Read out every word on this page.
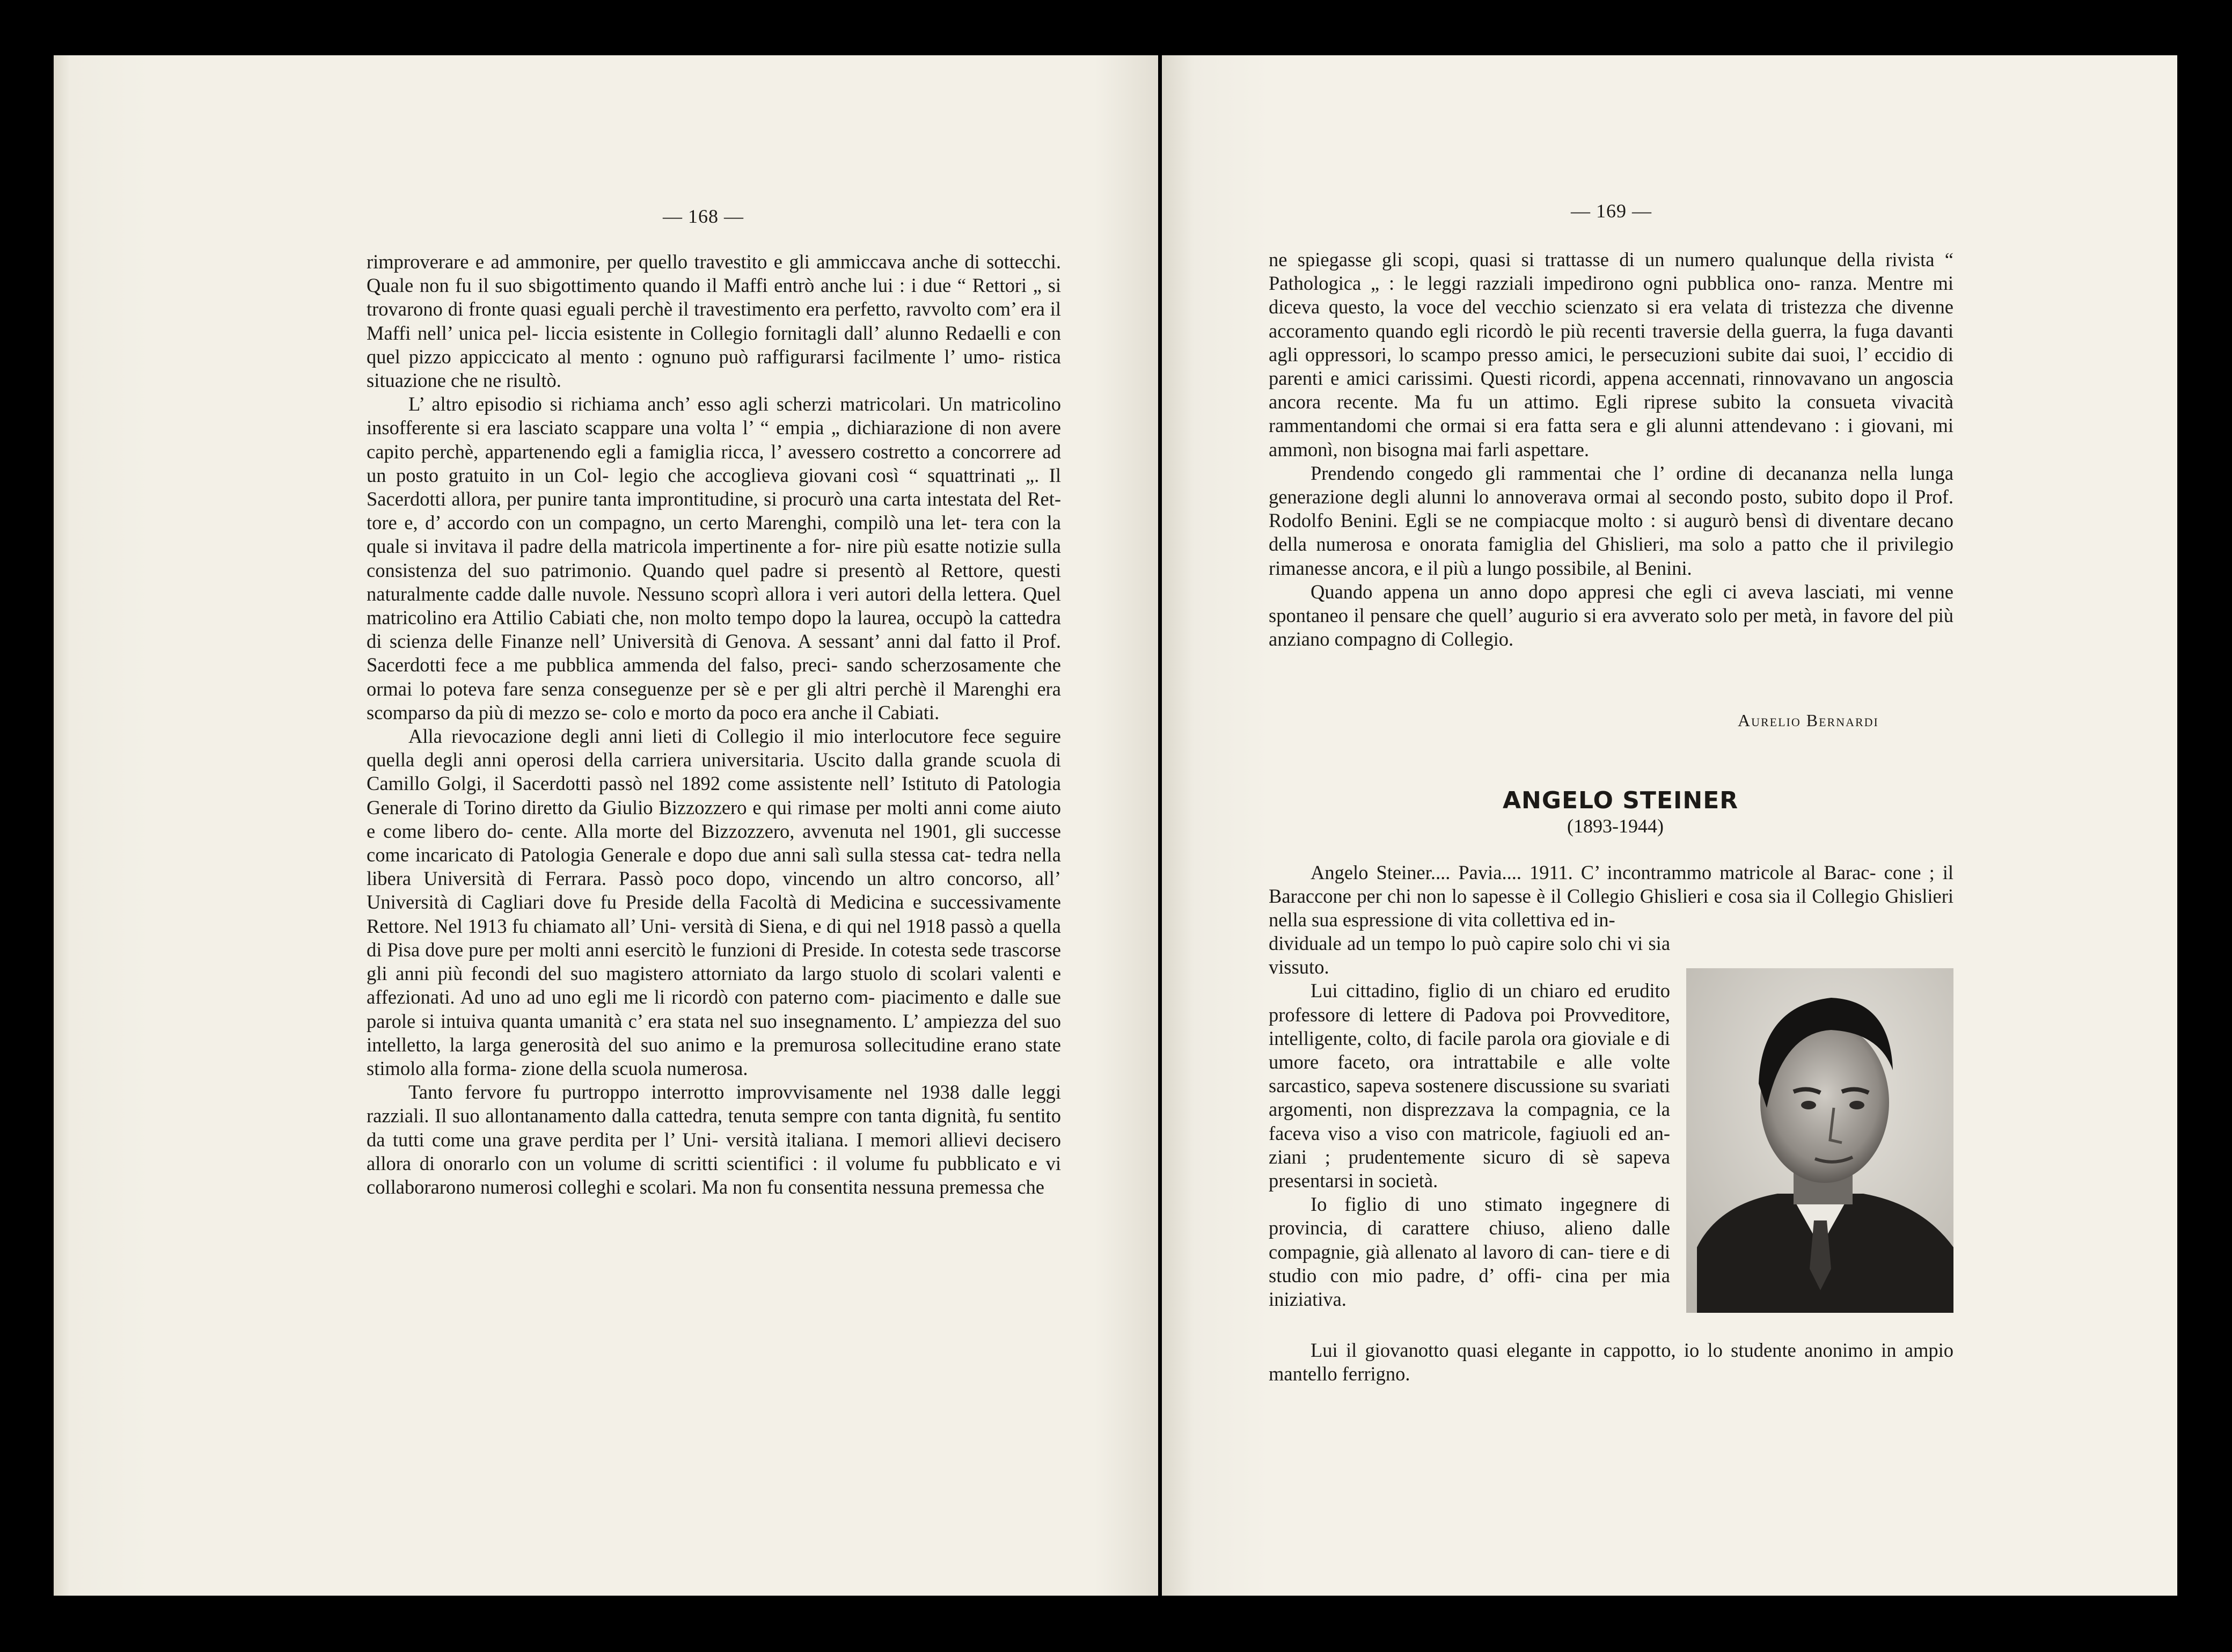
— 168 —

rimproverare e ad ammonire, per quello travestito e gli ammiccava anche di sottecchi. Quale non fu il suo sbigottimento quando il Maffi entrò anche lui : i due “ Rettori „ si trovarono di fronte quasi eguali perchè il travestimento era perfetto, ravvolto com’ era il Maffi nell’ unica pel- liccia esistente in Collegio fornitagli dall’ alunno Redaelli e con quel pizzo appiccicato al mento : ognuno può raffigurarsi facilmente l’ umo- ristica situazione che ne risultò.

L’ altro episodio si richiama anch’ esso agli scherzi matricolari. Un matricolino insofferente si era lasciato scappare una volta l’ “ empia „ dichiarazione di non avere capito perchè, appartenendo egli a famiglia ricca, l’ avessero costretto a concorrere ad un posto gratuito in un Col- legio che accoglieva giovani così “ squattrinati „. Il Sacerdotti allora, per punire tanta improntitudine, si procurò una carta intestata del Ret- tore e, d’ accordo con un compagno, un certo Marenghi, compilò una let- tera con la quale si invitava il padre della matricola impertinente a for- nire più esatte notizie sulla consistenza del suo patrimonio. Quando quel padre si presentò al Rettore, questi naturalmente cadde dalle nuvole. Nessuno scoprì allora i veri autori della lettera. Quel matricolino era Attilio Cabiati che, non molto tempo dopo la laurea, occupò la cattedra di scienza delle Finanze nell’ Università di Genova. A sessant’ anni dal fatto il Prof. Sacerdotti fece a me pubblica ammenda del falso, preci- sando scherzosamente che ormai lo poteva fare senza conseguenze per sè e per gli altri perchè il Marenghi era scomparso da più di mezzo se- colo e morto da poco era anche il Cabiati.

Alla rievocazione degli anni lieti di Collegio il mio interlocutore fece seguire quella degli anni operosi della carriera universitaria. Uscito dalla grande scuola di Camillo Golgi, il Sacerdotti passò nel 1892 come assistente nell’ Istituto di Patologia Generale di Torino diretto da Giulio Bizzozzero e qui rimase per molti anni come aiuto e come libero do- cente. Alla morte del Bizzozzero, avvenuta nel 1901, gli successe come incaricato di Patologia Generale e dopo due anni salì sulla stessa cat- tedra nella libera Università di Ferrara. Passò poco dopo, vincendo un altro concorso, all’ Università di Cagliari dove fu Preside della Facoltà di Medicina e successivamente Rettore. Nel 1913 fu chiamato all’ Uni- versità di Siena, e di qui nel 1918 passò a quella di Pisa dove pure per molti anni esercitò le funzioni di Preside. In cotesta sede trascorse gli anni più fecondi del suo magistero attorniato da largo stuolo di scolari valenti e affezionati. Ad uno ad uno egli me li ricordò con paterno com- piacimento e dalle sue parole si intuiva quanta umanità c’ era stata nel suo insegnamento. L’ ampiezza del suo intelletto, la larga generosità del suo animo e la premurosa sollecitudine erano state stimolo alla forma- zione della scuola numerosa.

Tanto fervore fu purtroppo interrotto improvvisamente nel 1938 dalle leggi razziali. Il suo allontanamento dalla cattedra, tenuta sempre con tanta dignità, fu sentito da tutti come una grave perdita per l’ Uni- versità italiana. I memori allievi decisero allora di onorarlo con un volume di scritti scientifici : il volume fu pubblicato e vi collaborarono numerosi colleghi e scolari. Ma non fu consentita nessuna premessa che

— 169 —

ne spiegasse gli scopi, quasi si trattasse di un numero qualunque della rivista “ Pathologica „ : le leggi razziali impedirono ogni pubblica ono- ranza. Mentre mi diceva questo, la voce del vecchio scienzato si era velata di tristezza che divenne accoramento quando egli ricordò le più recenti traversie della guerra, la fuga davanti agli oppressori, lo scampo presso amici, le persecuzioni subite dai suoi, l’ eccidio di parenti e amici carissimi. Questi ricordi, appena accennati, rinnovavano un angoscia ancora recente. Ma fu un attimo. Egli riprese subito la consueta vivacità rammentandomi che ormai si era fatta sera e gli alunni attendevano : i giovani, mi ammonì, non bisogna mai farli aspettare.

Prendendo congedo gli rammentai che l’ ordine di decananza nella lunga generazione degli alunni lo annoverava ormai al secondo posto, subito dopo il Prof. Rodolfo Benini. Egli se ne compiacque molto : si augurò bensì di diventare decano della numerosa e onorata famiglia del Ghislieri, ma solo a patto che il privilegio rimanesse ancora, e il più a lungo possibile, al Benini.

Quando appena un anno dopo appresi che egli ci aveva lasciati, mi venne spontaneo il pensare che quell’ augurio si era avverato solo per metà, in favore del più anziano compagno di Collegio.

Aurelio Bernardi
ANGELO STEINER
(1893-1944)

Angelo Steiner.... Pavia.... 1911. C’ incontrammo matricole al Barac- cone ; il Baraccone per chi non lo sapesse è il Collegio Ghislieri e cosa sia il Collegio Ghislieri nella sua espressione di vita collettiva ed in-

dividuale ad un tempo lo può capire solo chi vi sia vissuto.

Lui cittadino, figlio di un chiaro ed erudito professore di lettere di Padova poi Provveditore, intelligente, colto, di facile parola ora gioviale e di umore faceto, ora intrattabile e alle volte sarcastico, sapeva sostenere discussione su svariati argomenti, non disprezzava la compagnia, ce la faceva viso a viso con matricole, fagiuoli ed an- ziani ; prudentemente sicuro di sè sapeva presentarsi in società.

Io figlio di uno stimato ingegnere di provincia, di carattere chiuso, alieno dalle compagnie, già allenato al lavoro di can- tiere e di studio con mio padre, d’ offi- cina per mia iniziativa.

Lui il giovanotto quasi elegante in cappotto, io lo studente anonimo in ampio mantello ferrigno.
